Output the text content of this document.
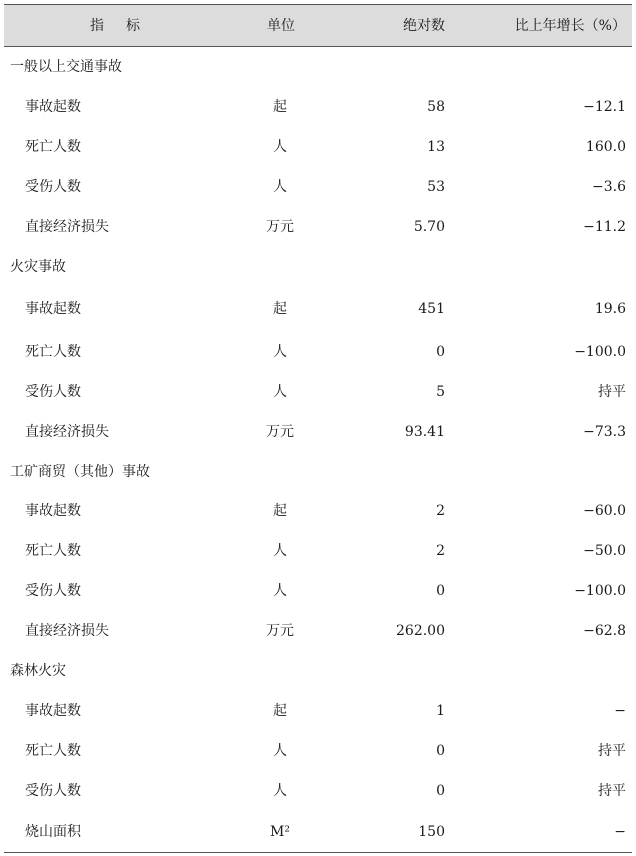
指标	单位	绝对数	比上年增长（%）
一般以上交通事故
事故起数	起	58	−12.1
死亡人数	人	13	160.0
受伤人数	人	53	−3.6
直接经济损失	万元	5.70	−11.2
火灾事故
事故起数	起	451	19.6
死亡人数	人	0	−100.0
受伤人数	人	5	持平
直接经济损失	万元	93.41	−73.3
工矿商贸（其他）事故
事故起数	起	2	−60.0
死亡人数	人	2	−50.0
受伤人数	人	0	−100.0
直接经济损失	万元	262.00	−62.8
森林火灾
事故起数	起	1	−
死亡人数	人	0	持平
受伤人数	人	0	持平
烧山面积	M²	150	−
